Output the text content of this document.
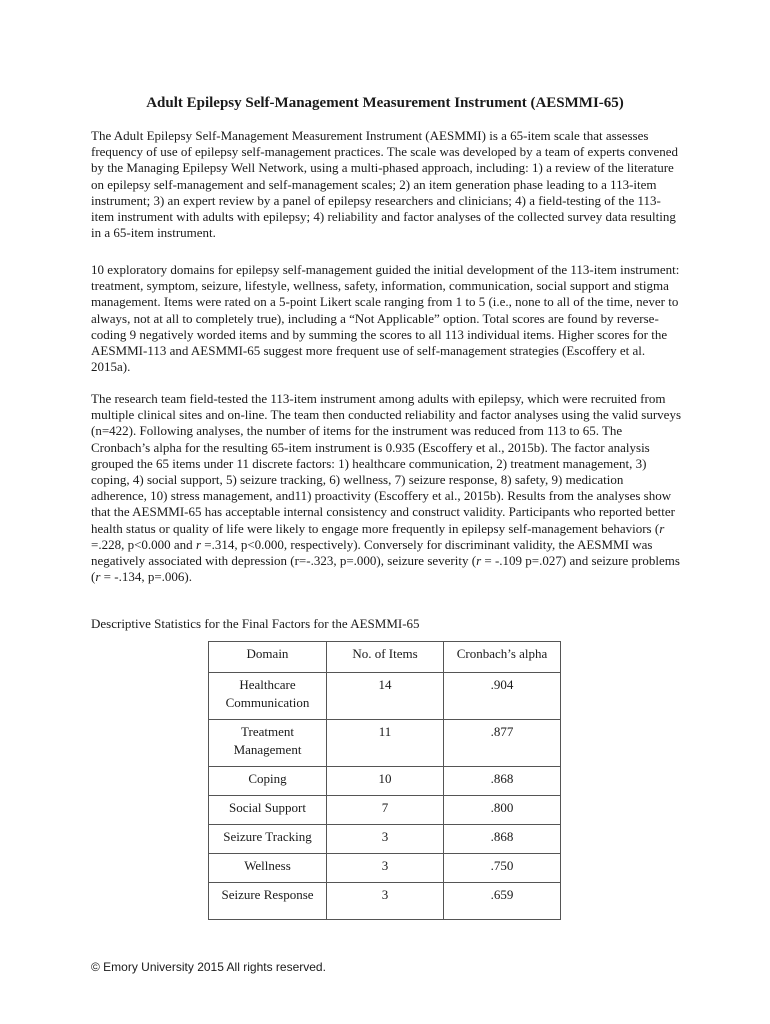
Adult Epilepsy Self-Management Measurement Instrument (AESMMI-65)

The Adult Epilepsy Self-Management Measurement Instrument (AESMMI) is a 65-item scale that assesses frequency of use of epilepsy self-management practices. The scale was developed by a team of experts convened by the Managing Epilepsy Well Network, using a multi-phased approach, including: 1) a review of the literature on epilepsy self-management and self-management scales; 2) an item generation phase leading to a 113-item instrument; 3) an expert review by a panel of epilepsy researchers and clinicians; 4) a field-testing of the 113-item instrument with adults with epilepsy; 4) reliability and factor analyses of the collected survey data resulting in a 65-item instrument.

10 exploratory domains for epilepsy self-management guided the initial development of the 113-item instrument: treatment, symptom, seizure, lifestyle, wellness, safety, information, communication, social support and stigma management. Items were rated on a 5-point Likert scale ranging from 1 to 5 (i.e., none to all of the time, never to always, not at all to completely true), including a “Not Applicable” option. Total scores are found by reverse-coding 9 negatively worded items and by summing the scores to all 113 individual items. Higher scores for the AESMMI-113 and AESMMI-65 suggest more frequent use of self-management strategies (Escoffery et al. 2015a).

The research team field-tested the 113-item instrument among adults with epilepsy, which were recruited from multiple clinical sites and on-line. The team then conducted reliability and factor analyses using the valid surveys (n=422). Following analyses, the number of items for the instrument was reduced from 113 to 65. The Cronbach’s alpha for the resulting 65-item instrument is 0.935 (Escoffery et al., 2015b). The factor analysis grouped the 65 items under 11 discrete factors: 1) healthcare communication, 2) treatment management, 3) coping, 4) social support, 5) seizure tracking, 6) wellness, 7) seizure response, 8) safety, 9) medication adherence, 10) stress management, and11) proactivity (Escoffery et al., 2015b). Results from the analyses show that the AESMMI-65 has acceptable internal consistency and construct validity. Participants who reported better health status or quality of life were likely to engage more frequently in epilepsy self-management behaviors (r =.228, p<0.000 and r =.314, p<0.000, respectively). Conversely for discriminant validity, the AESMMI was negatively associated with depression (r=-.323, p=.000), seizure severity (r = -.109 p=.027) and seizure problems (r = -.134, p=.006).

Descriptive Statistics for the Final Factors for the AESMMI-65

Domain	No. of Items	Cronbach’s alpha
Healthcare Communication	14	.904
Treatment Management	11	.877
Coping	10	.868
Social Support	7	.800
Seizure Tracking	3	.868
Wellness	3	.750
Seizure Response	3	.659

© Emory University 2015 All rights reserved.
